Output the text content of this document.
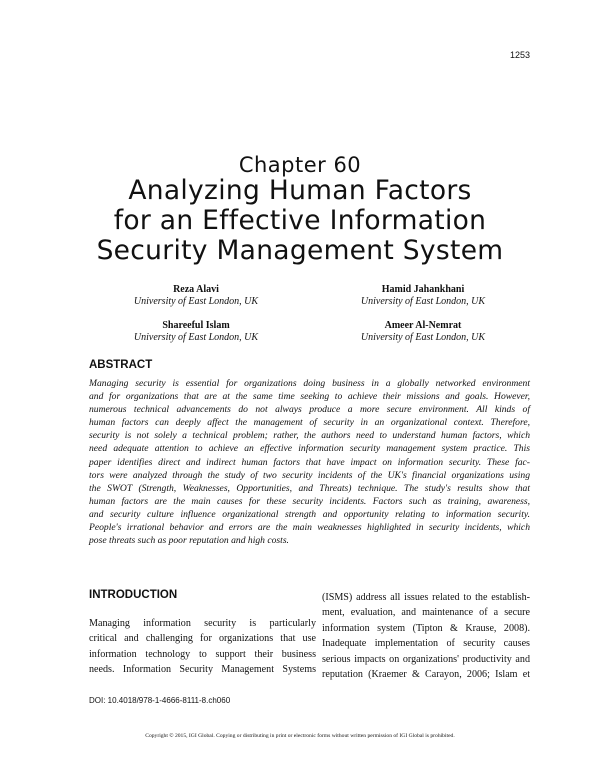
1253
Chapter 60
Analyzing Human Factors
for an Effective Information
Security Management System
Reza Alavi
University of East London, UK
Hamid Jahankhani
University of East London, UK
Shareeful Islam
University of East London, UK
Ameer Al-Nemrat
University of East London, UK
ABSTRACT
Managing security is essential for organizations doing business in a globally networked environment
and for organizations that are at the same time seeking to achieve their missions and goals. However,
numerous technical advancements do not always produce a more secure environment. All kinds of
human factors can deeply affect the management of security in an organizational context. Therefore,
security is not solely a technical problem; rather, the authors need to understand human factors, which
need adequate attention to achieve an effective information security management system practice. This
paper identifies direct and indirect human factors that have impact on information security. These fac-
tors were analyzed through the study of two security incidents of the UK's financial organizations using
the SWOT (Strength, Weaknesses, Opportunities, and Threats) technique. The study's results show that
human factors are the main causes for these security incidents. Factors such as training, awareness,
and security culture influence organizational strength and opportunity relating to information security.
People's irrational behavior and errors are the main weaknesses highlighted in security incidents, which
pose threats such as poor reputation and high costs.
INTRODUCTION
Managing information security is particularly
critical and challenging for organizations that use
information technology to support their business
needs. Information Security Management Systems
(ISMS) address all issues related to the establish-
ment, evaluation, and maintenance of a secure
information system (Tipton & Krause, 2008).
Inadequate implementation of security causes
serious impacts on organizations' productivity and
reputation (Kraemer & Carayon, 2006; Islam et
DOI: 10.4018/978-1-4666-8111-8.ch060
Copyright © 2015, IGI Global. Copying or distributing in print or electronic forms without written permission of IGI Global is prohibited.
